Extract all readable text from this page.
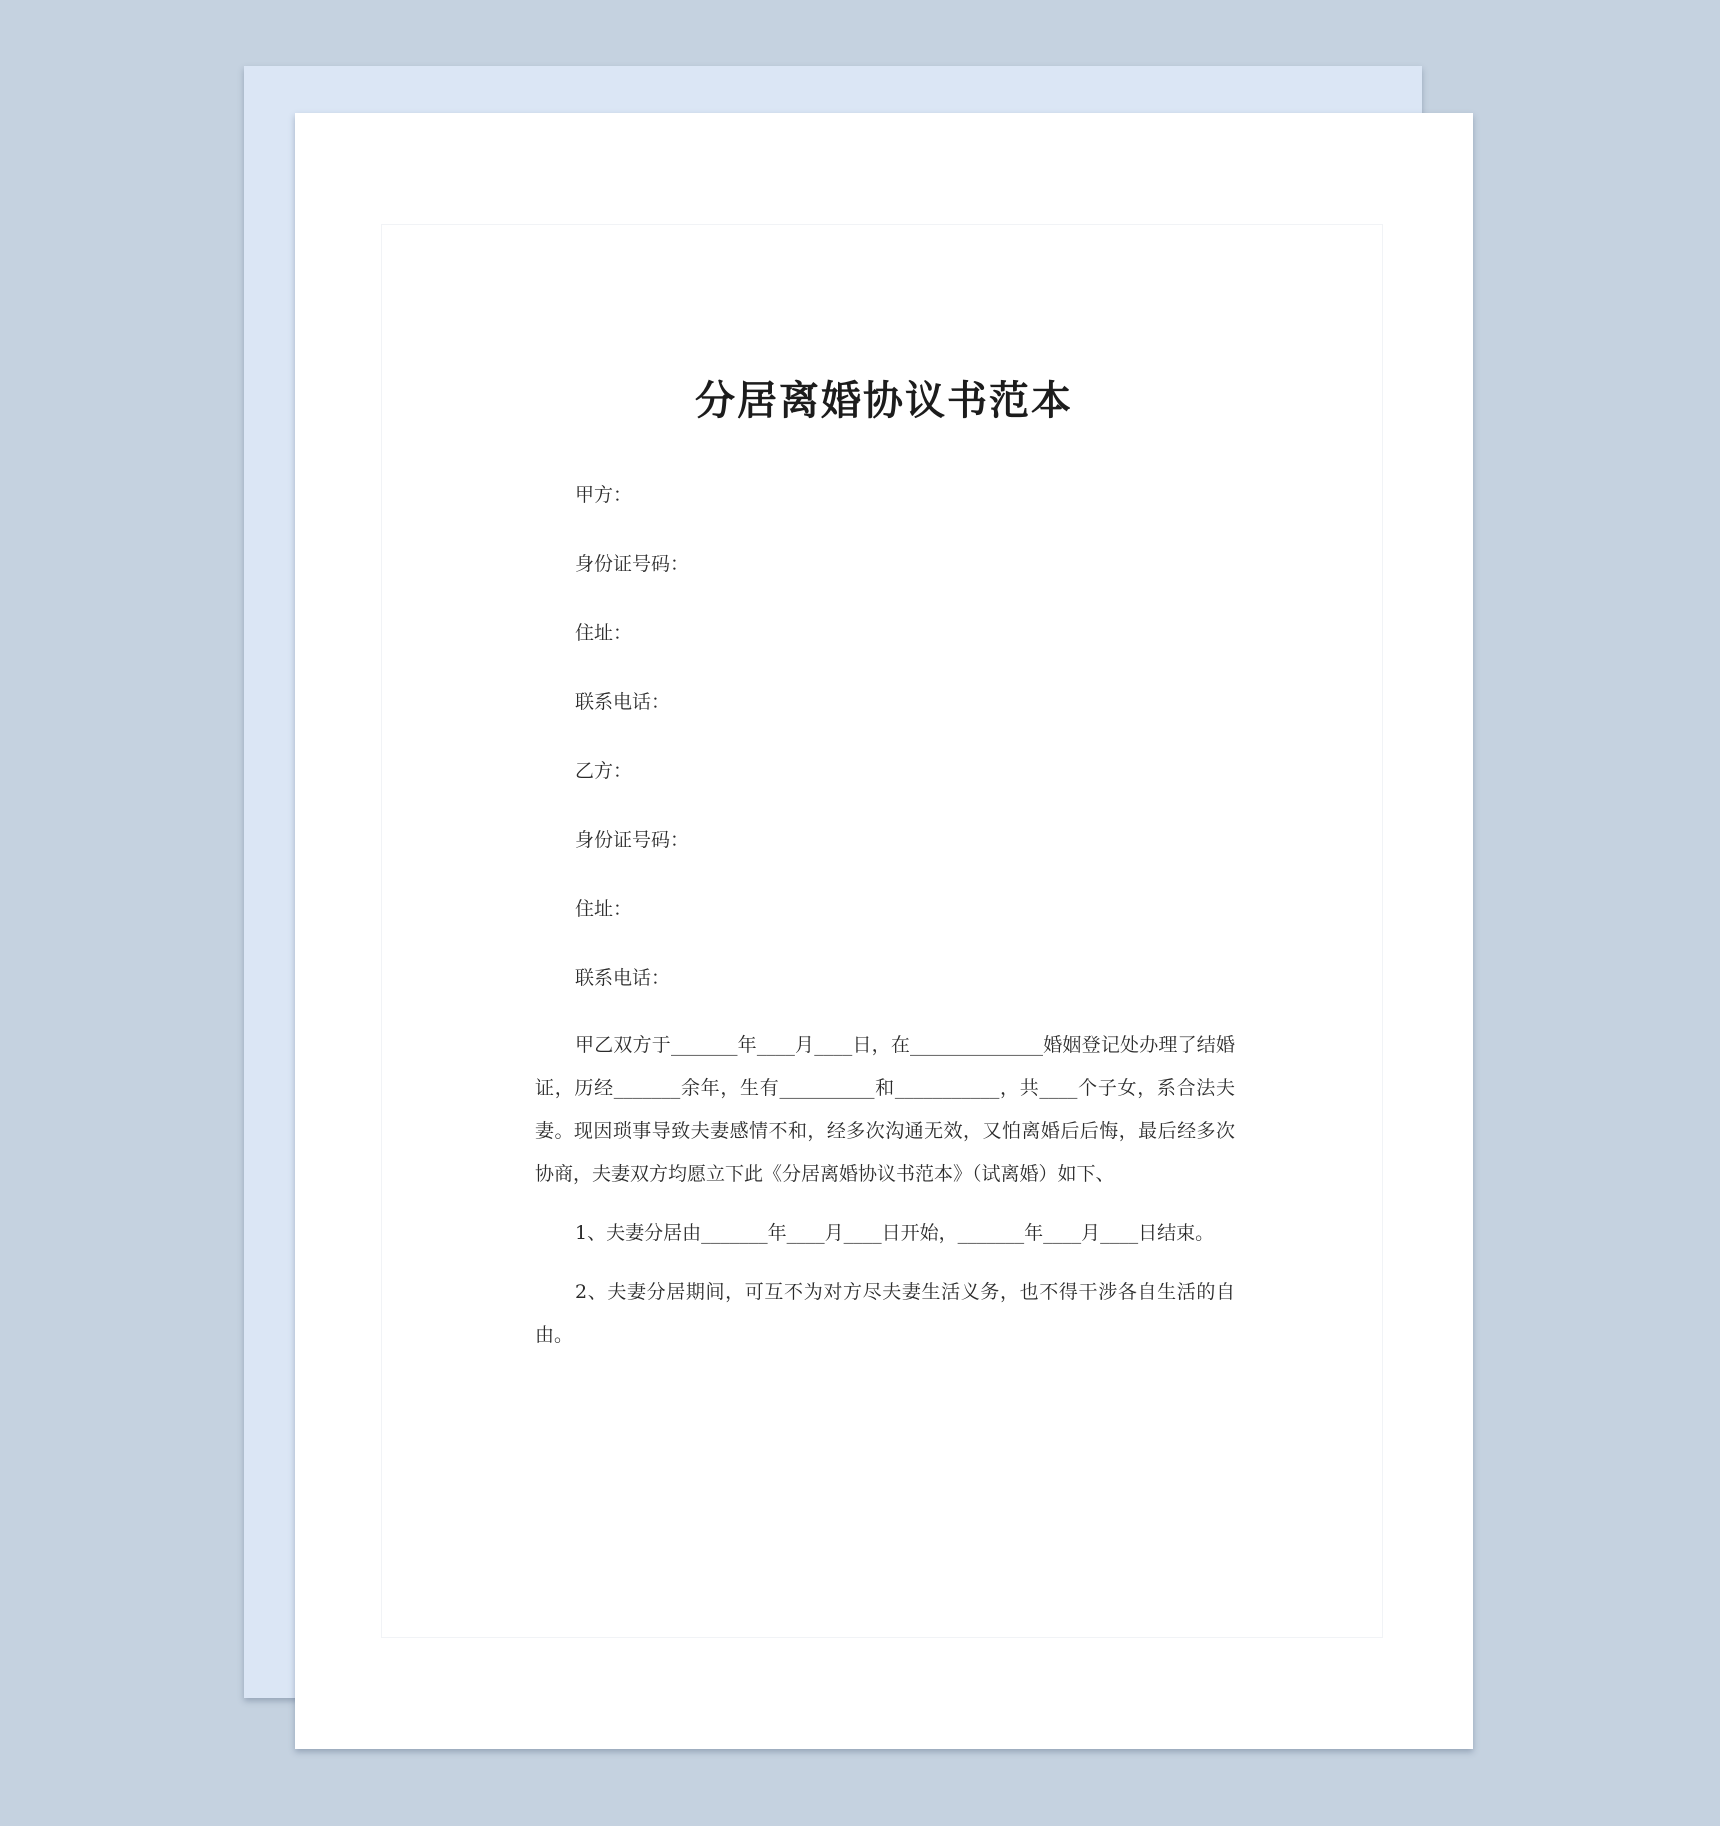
分居离婚协议书范本

甲方：

身份证号码：

住址：

联系电话：

乙方：

身份证号码：

住址：

联系电话：

甲乙双方于_______年____月____日，在______________婚姻登记处办理了结婚证，历经_______余年，生有__________和___________，共____个子女，系合法夫妻。现因琐事导致夫妻感情不和，经多次沟通无效，又怕离婚后后悔，最后经多次协商，夫妻双方均愿立下此《分居离婚协议书范本》（试离婚）如下、

1、夫妻分居由_______年____月____日开始，_______年____月____日结束。

2、夫妻分居期间，可互不为对方尽夫妻生活义务，也不得干涉各自生活的自由。
